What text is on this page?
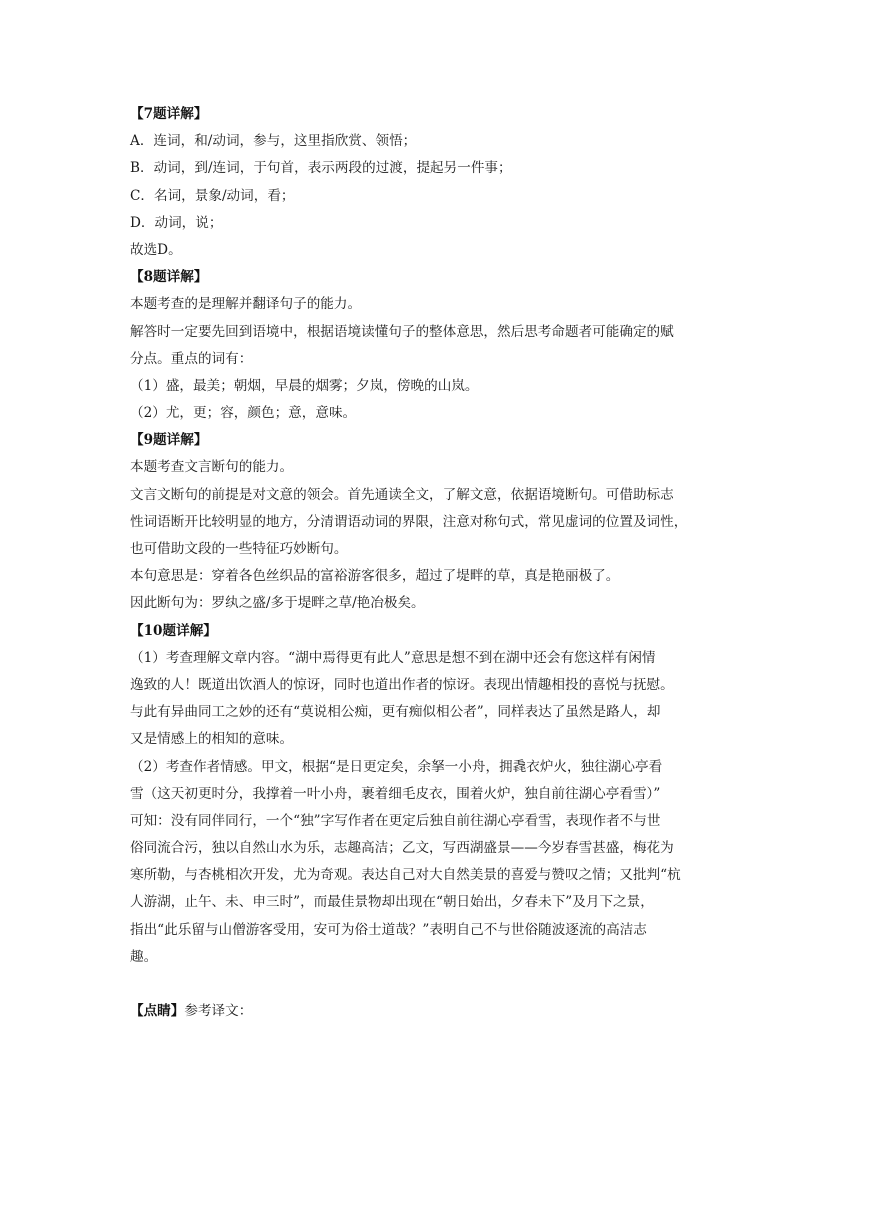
【7题详解】
A．连词，和/动词，参与，这里指欣赏、领悟；
B．动词，到/连词，于句首，表示两段的过渡，提起另一件事；
C．名词，景象/动词，看；
D．动词，说；
故选D。
【8题详解】
本题考查的是理解并翻译句子的能力。
解答时一定要先回到语境中，根据语境读懂句子的整体意思，然后思考命题者可能确定的赋
分点。重点的词有：
（1）盛，最美；朝烟，早晨的烟雾；夕岚，傍晚的山岚。
（2）尤，更；容，颜色；意，意味。
【9题详解】
本题考查文言断句的能力。
文言文断句的前提是对文意的领会。首先通读全文，了解文意，依据语境断句。可借助标志
性词语断开比较明显的地方，分清谓语动词的界限，注意对称句式，常见虚词的位置及词性，
也可借助文段的一些特征巧妙断句。
本句意思是：穿着各色丝织品的富裕游客很多，超过了堤畔的草，真是艳丽极了。
因此断句为：罗纨之盛/多于堤畔之草/艳冶极矣。
【10题详解】
（1）考查理解文章内容。“湖中焉得更有此人”意思是想不到在湖中还会有您这样有闲情
逸致的人！既道出饮酒人的惊讶，同时也道出作者的惊讶。表现出情趣相投的喜悦与抚慰。
与此有异曲同工之妙的还有“莫说相公痴，更有痴似相公者”，同样表达了虽然是路人，却
又是情感上的相知的意味。
（2）考查作者情感。甲文，根据“是日更定矣，余拏一小舟，拥毳衣炉火，独往湖心亭看
雪（这天初更时分，我撑着一叶小舟，裹着细毛皮衣，围着火炉，独自前往湖心亭看雪）”
可知：没有同伴同行，一个“独”字写作者在更定后独自前往湖心亭看雪，表现作者不与世
俗同流合污，独以自然山水为乐，志趣高洁；乙文，写西湖盛景——今岁春雪甚盛，梅花为
寒所勒，与杏桃相次开发，尤为奇观。表达自己对大自然美景的喜爱与赞叹之情；又批判“杭
人游湖，止午、未、申三时”，而最佳景物却出现在“朝日始出，夕春未下”及月下之景，
指出“此乐留与山僧游客受用，安可为俗士道哉？”表明自己不与世俗随波逐流的高洁志
趣。
【点睛】参考译文：
